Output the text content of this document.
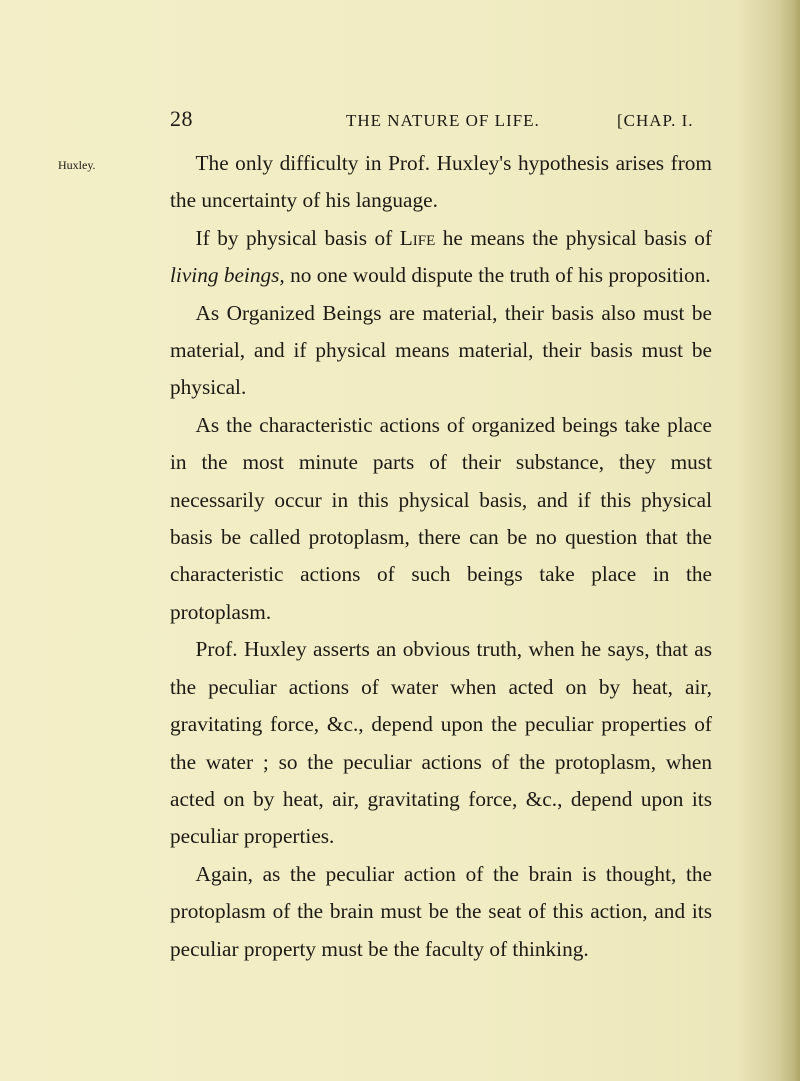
28	THE NATURE OF LIFE.	[CHAP. I.
Huxley.	The only difficulty in Prof. Huxley's hypothesis arises from the uncertainty of his language.

If by physical basis of Life he means the physical basis of living beings, no one would dispute the truth of his proposition.

As Organized Beings are material, their basis also must be material, and if physical means material, their basis must be physical.

As the characteristic actions of organized beings take place in the most minute parts of their substance, they must necessarily occur in this physical basis, and if this physical basis be called protoplasm, there can be no question that the characteristic actions of such beings take place in the protoplasm.

Prof. Huxley asserts an obvious truth, when he says, that as the peculiar actions of water when acted on by heat, air, gravitating force, &c., depend upon the peculiar properties of the water ; so the peculiar actions of the protoplasm, when acted on by heat, air, gravitating force, &c., depend upon its peculiar properties.

Again, as the peculiar action of the brain is thought, the protoplasm of the brain must be the seat of this action, and its peculiar property must be the faculty of thinking.
